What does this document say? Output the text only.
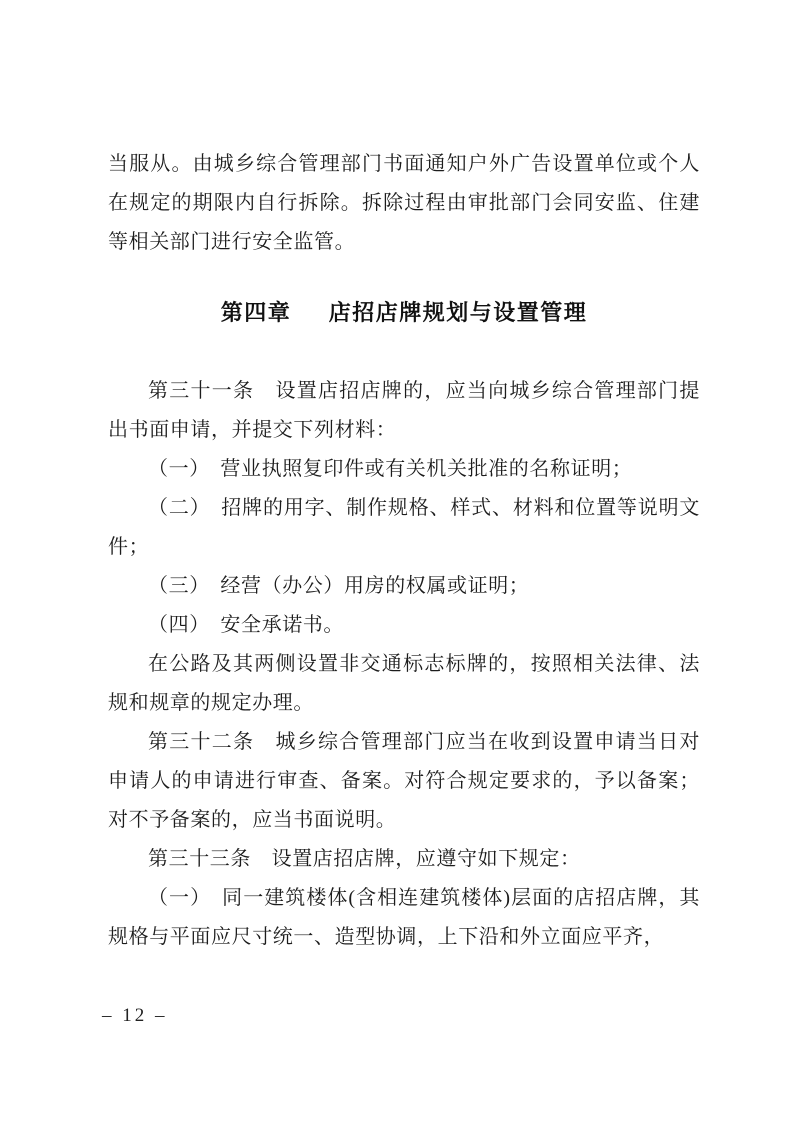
当服从。由城乡综合管理部门书面通知户外广告设置单位或个人在规定的期限内自行拆除。拆除过程由审批部门会同安监、住建等相关部门进行安全监管。

第四章 店招店牌规划与设置管理

第三十一条　设置店招店牌的，应当向城乡综合管理部门提出书面申请，并提交下列材料：

（一）　营业执照复印件或有关机关批准的名称证明；

（二）　招牌的用字、制作规格、样式、材料和位置等说明文件；

（三）　经营（办公）用房的权属或证明；

（四）　安全承诺书。

在公路及其两侧设置非交通标志标牌的，按照相关法律、法规和规章的规定办理。

第三十二条　城乡综合管理部门应当在收到设置申请当日对申请人的申请进行审查、备案。对符合规定要求的，予以备案；对不予备案的，应当书面说明。

第三十三条　设置店招店牌，应遵守如下规定：

（一）　同一建筑楼体(含相连建筑楼体)层面的店招店牌，其规格与平面应尺寸统一、造型协调，上下沿和外立面应平齐，

– 12 –
